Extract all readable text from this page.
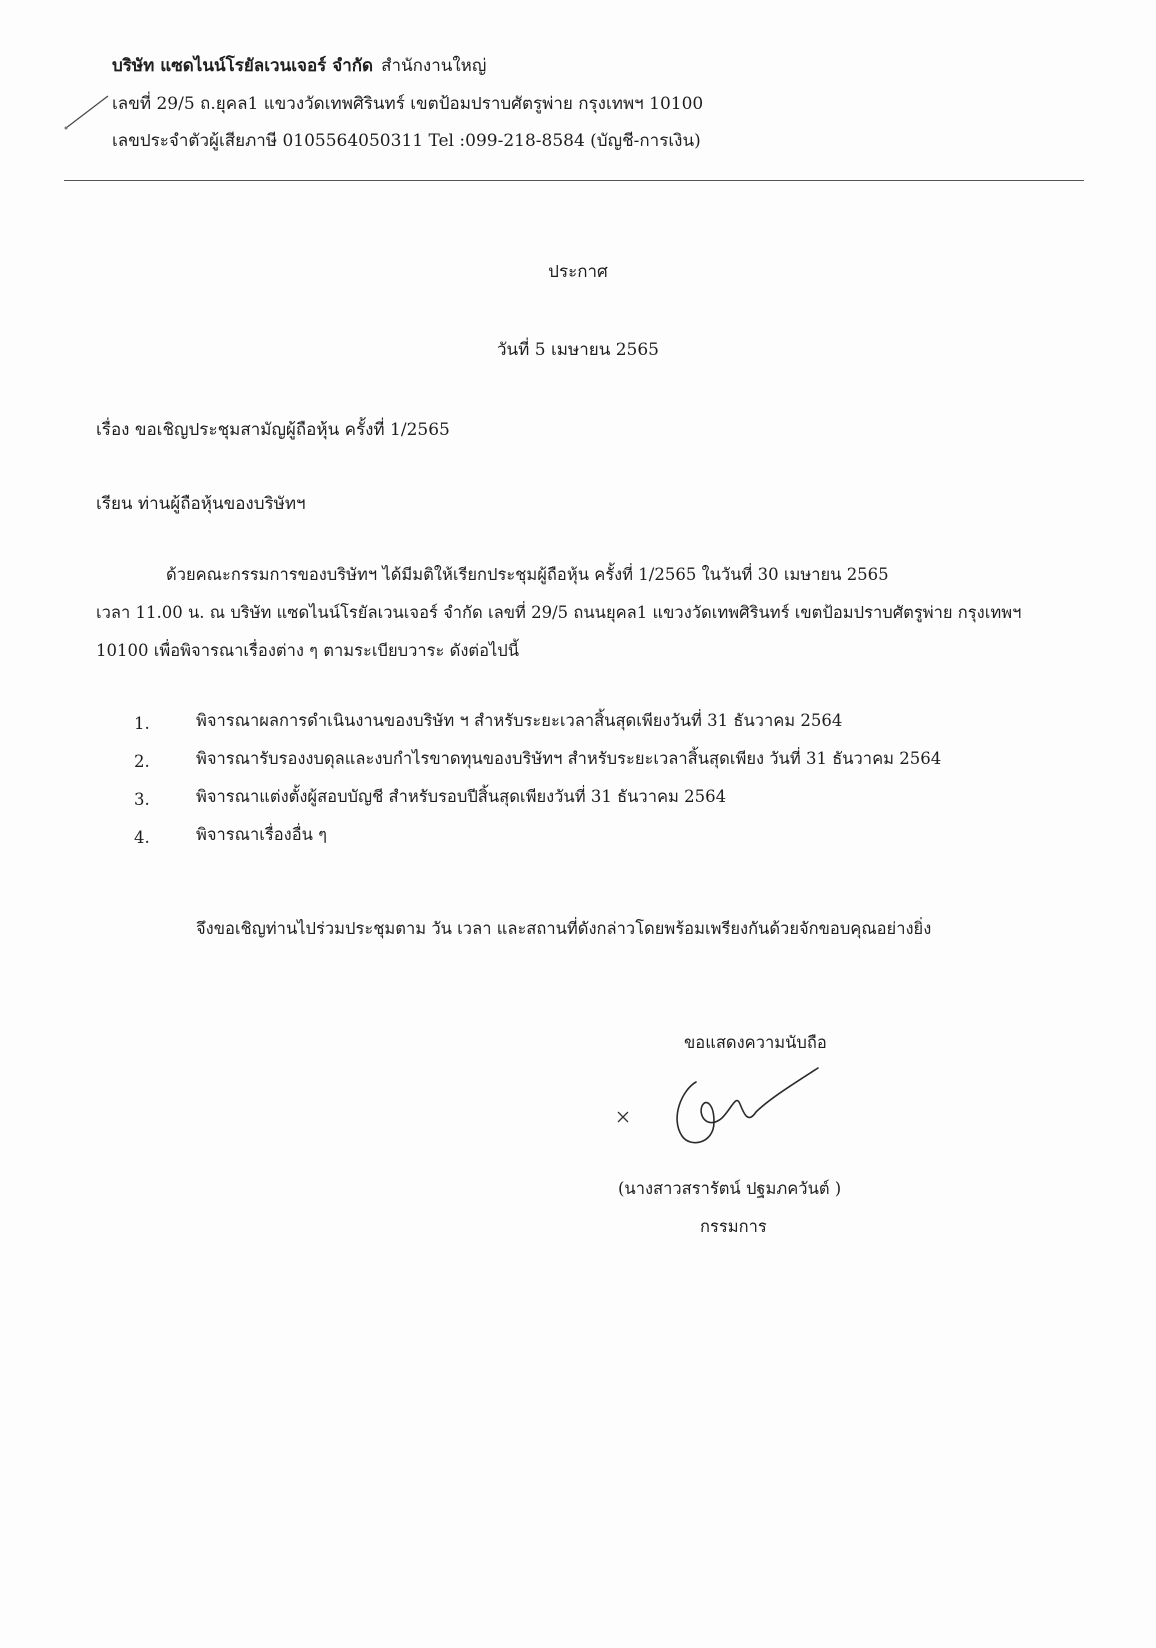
บริษัท แซดไนน์โรยัลเวนเจอร์ จำกัด สำนักงานใหญ่
เลขที่ 29/5 ถ.ยุคล1 แขวงวัดเทพศิรินทร์ เขตป้อมปราบศัตรูพ่าย กรุงเทพฯ 10100
เลขประจำตัวผู้เสียภาษี 0105564050311 Tel :099-218-8584 (บัญชี-การเงิน)
ประกาศ
วันที่ 5 เมษายน 2565
เรื่อง ขอเชิญประชุมสามัญผู้ถือหุ้น ครั้งที่ 1/2565
เรียน ท่านผู้ถือหุ้นของบริษัทฯ
ด้วยคณะกรรมการของบริษัทฯ ได้มีมติให้เรียกประชุมผู้ถือหุ้น ครั้งที่ 1/2565 ในวันที่ 30 เมษายน 2565
เวลา 11.00 น. ณ บริษัท แซดไนน์โรยัลเวนเจอร์ จำกัด เลขที่ 29/5 ถนนยุคล1 แขวงวัดเทพศิรินทร์ เขตป้อมปราบศัตรูพ่าย กรุงเทพฯ
10100 เพื่อพิจารณาเรื่องต่าง ๆ ตามระเบียบวาระ ดังต่อไปนี้
1.	พิจารณาผลการดำเนินงานของบริษัท ฯ สำหรับระยะเวลาสิ้นสุดเพียงวันที่ 31 ธันวาคม 2564
2.	พิจารณารับรองงบดุลและงบกำไรขาดทุนของบริษัทฯ สำหรับระยะเวลาสิ้นสุดเพียง วันที่ 31 ธันวาคม 2564
3.	พิจารณาแต่งตั้งผู้สอบบัญชี สำหรับรอบปีสิ้นสุดเพียงวันที่ 31 ธันวาคม 2564
4.	พิจารณาเรื่องอื่น ๆ
จึงขอเชิญท่านไปร่วมประชุมตาม วัน เวลา และสถานที่ดังกล่าวโดยพร้อมเพรียงกันด้วยจักขอบคุณอย่างยิ่ง
ขอแสดงความนับถือ
(นางสาวสรารัตน์ ปฐมภควันต์ )
กรรมการ
